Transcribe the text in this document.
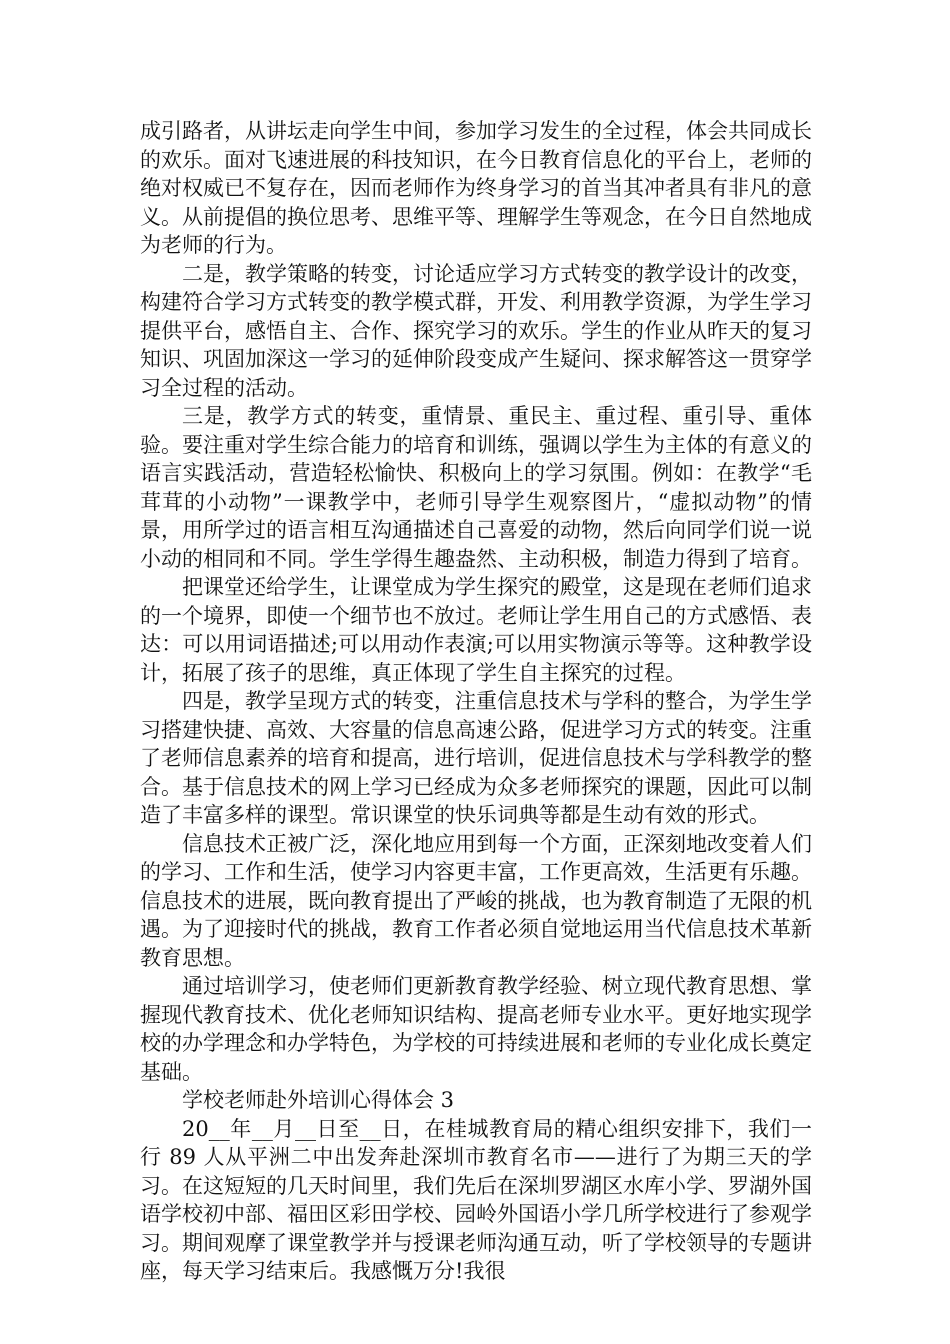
成引路者，从讲坛走向学生中间，参加学习发生的全过程，体会共同成长的欢乐。面对飞速进展的科技知识，在今日教育信息化的平台上，老师的绝对权威已不复存在，因而老师作为终身学习的首当其冲者具有非凡的意义。从前提倡的换位思考、思维平等、理解学生等观念，在今日自然地成为老师的行为。

二是，教学策略的转变，讨论适应学习方式转变的教学设计的改变，构建符合学习方式转变的教学模式群，开发、利用教学资源，为学生学习提供平台，感悟自主、合作、探究学习的欢乐。学生的作业从昨天的复习知识、巩固加深这一学习的延伸阶段变成产生疑问、探求解答这一贯穿学习全过程的活动。

三是，教学方式的转变，重情景、重民主、重过程、重引导、重体验。要注重对学生综合能力的培育和训练，强调以学生为主体的有意义的语言实践活动，营造轻松愉快、积极向上的学习氛围。例如：在教学“毛茸茸的小动物”一课教学中，老师引导学生观察图片，“虚拟动物”的情景，用所学过的语言相互沟通描述自己喜爱的动物，然后向同学们说一说小动的相同和不同。学生学得生趣盎然、主动积极，制造力得到了培育。

把课堂还给学生，让课堂成为学生探究的殿堂，这是现在老师们追求的一个境界，即使一个细节也不放过。老师让学生用自己的方式感悟、表达：可以用词语描述;可以用动作表演;可以用实物演示等等。这种教学设计，拓展了孩子的思维，真正体现了学生自主探究的过程。

四是，教学呈现方式的转变，注重信息技术与学科的整合，为学生学习搭建快捷、高效、大容量的信息高速公路，促进学习方式的转变。注重了老师信息素养的培育和提高，进行培训，促进信息技术与学科教学的整合。基于信息技术的网上学习已经成为众多老师探究的课题，因此可以制造了丰富多样的课型。常识课堂的快乐词典等都是生动有效的形式。

信息技术正被广泛，深化地应用到每一个方面，正深刻地改变着人们的学习、工作和生活，使学习内容更丰富，工作更高效，生活更有乐趣。信息技术的进展，既向教育提出了严峻的挑战，也为教育制造了无限的机遇。为了迎接时代的挑战，教育工作者必须自觉地运用当代信息技术革新教育思想。

通过培训学习，使老师们更新教育教学经验、树立现代教育思想、掌握现代教育技术、优化老师知识结构、提高老师专业水平。更好地实现学校的办学理念和办学特色，为学校的可持续进展和老师的专业化成长奠定基础。

学校老师赴外培训心得体会 3

20__年__月__日至__日，在桂城教育局的精心组织安排下，我们一行 89 人从平洲二中出发奔赴深圳市教育名市——进行了为期三天的学习。在这短短的几天时间里，我们先后在深圳罗湖区水库小学、罗湖外国语学校初中部、福田区彩田学校、园岭外国语小学几所学校进行了参观学习。期间观摩了课堂教学并与授课老师沟通互动，听了学校领导的专题讲座，每天学习结束后。我感慨万分!我很
